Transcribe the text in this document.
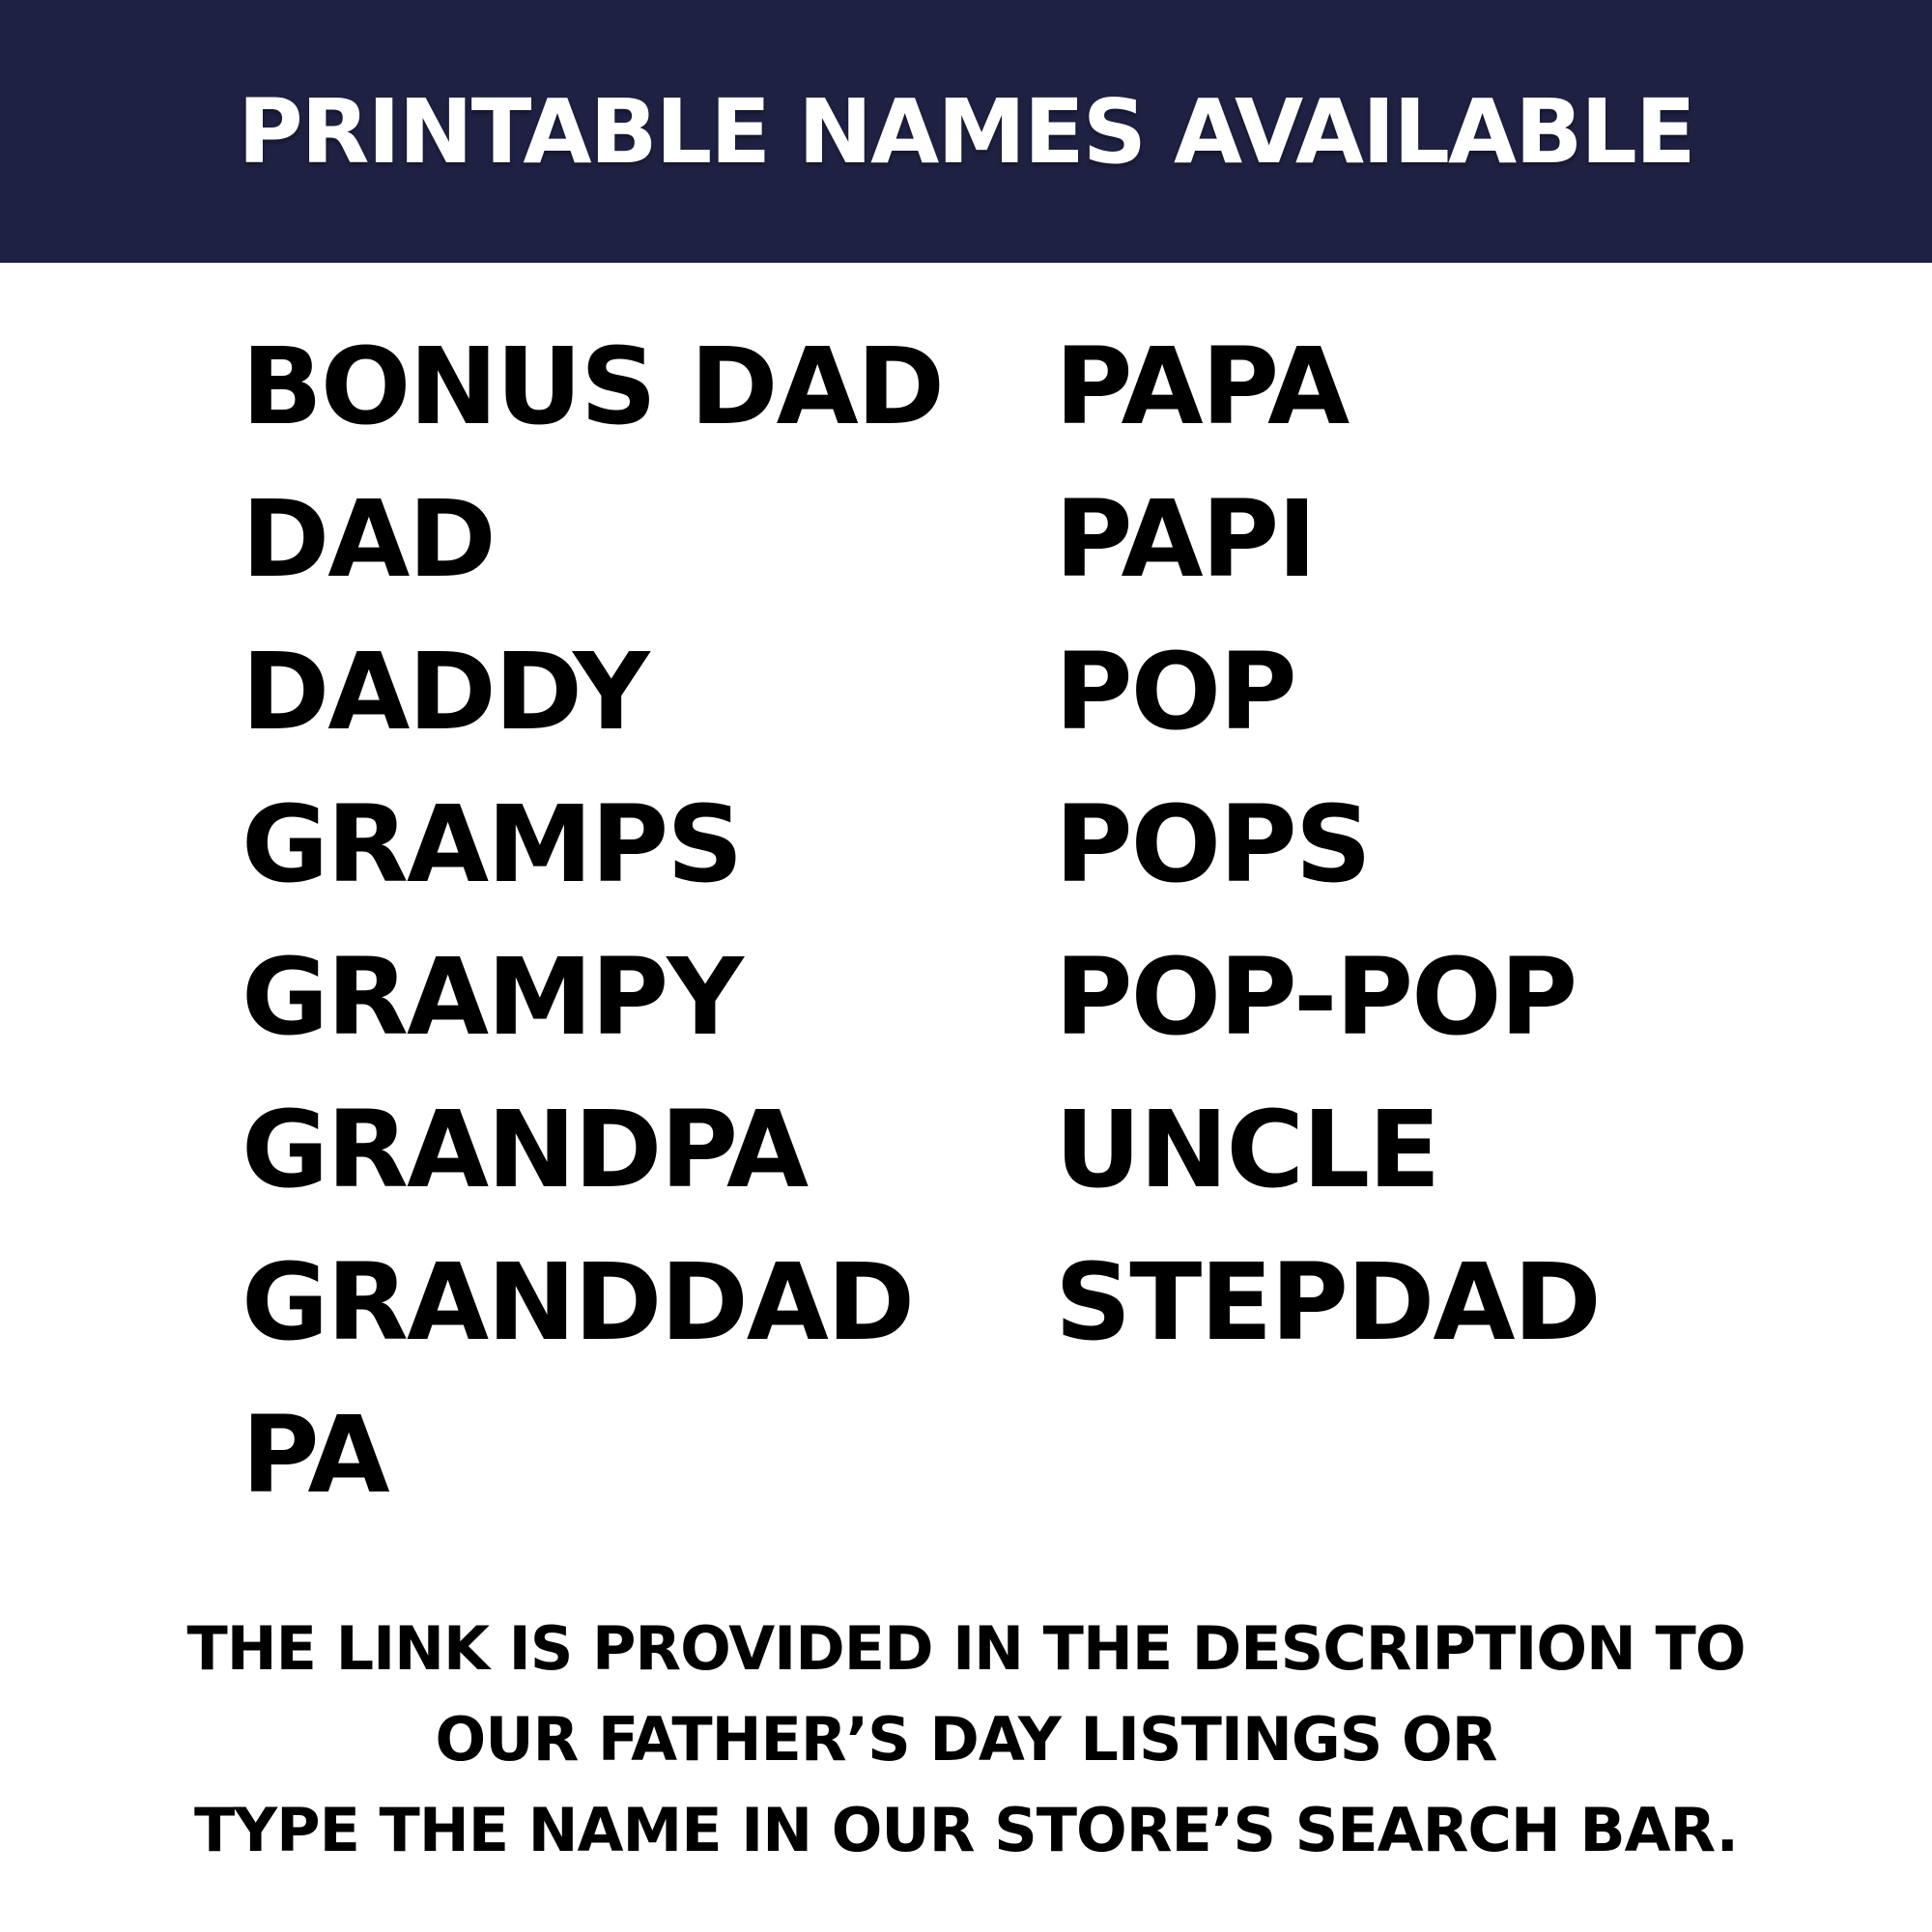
PRINTABLE NAMES AVAILABLE
BONUS DAD
DAD
DADDY
GRAMPS
GRAMPY
GRANDPA
GRANDDAD
PA
PAPA
PAPI
POP
POPS
POP-POP
UNCLE
STEPDAD
THE LINK IS PROVIDED IN THE DESCRIPTION TO
OUR FATHER’S DAY LISTINGS OR
TYPE THE NAME IN OUR STORE’S SEARCH BAR.
